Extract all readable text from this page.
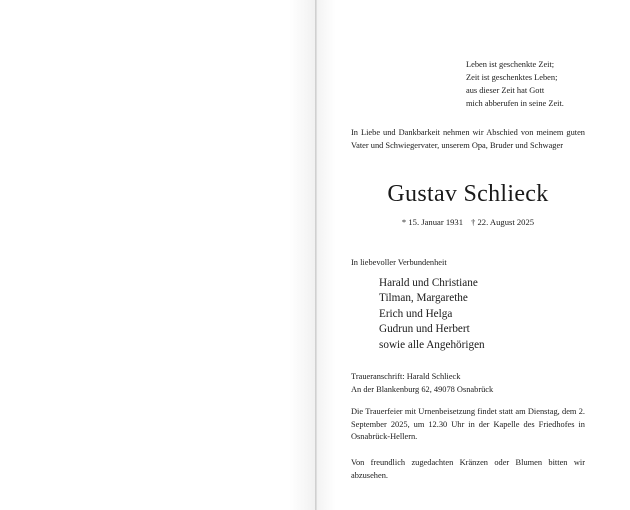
Leben ist geschenkte Zeit;
Zeit ist geschenktes Leben;
aus dieser Zeit hat Gott
mich abberufen in seine Zeit.

In Liebe und Dankbarkeit nehmen wir Abschied von meinem guten Vater und Schwiegervater, unserem Opa, Bruder und Schwager

Gustav Schlieck

* 15. Januar 1931 † 22. August 2025

In liebevoller Verbundenheit

Harald und Christiane
Tilman, Margarethe
Erich und Helga
Gudrun und Herbert
sowie alle Angehörigen
Traueranschrift: Harald Schlieck
An der Blankenburg 62, 49078 Osnabrück

Die Trauerfeier mit Urnenbeisetzung findet statt am Dienstag, dem 2. September 2025, um 12.30 Uhr in der Kapelle des Friedhofes in Osnabrück-Hellern.

Von freundlich zugedachten Kränzen oder Blumen bitten wir abzusehen.
